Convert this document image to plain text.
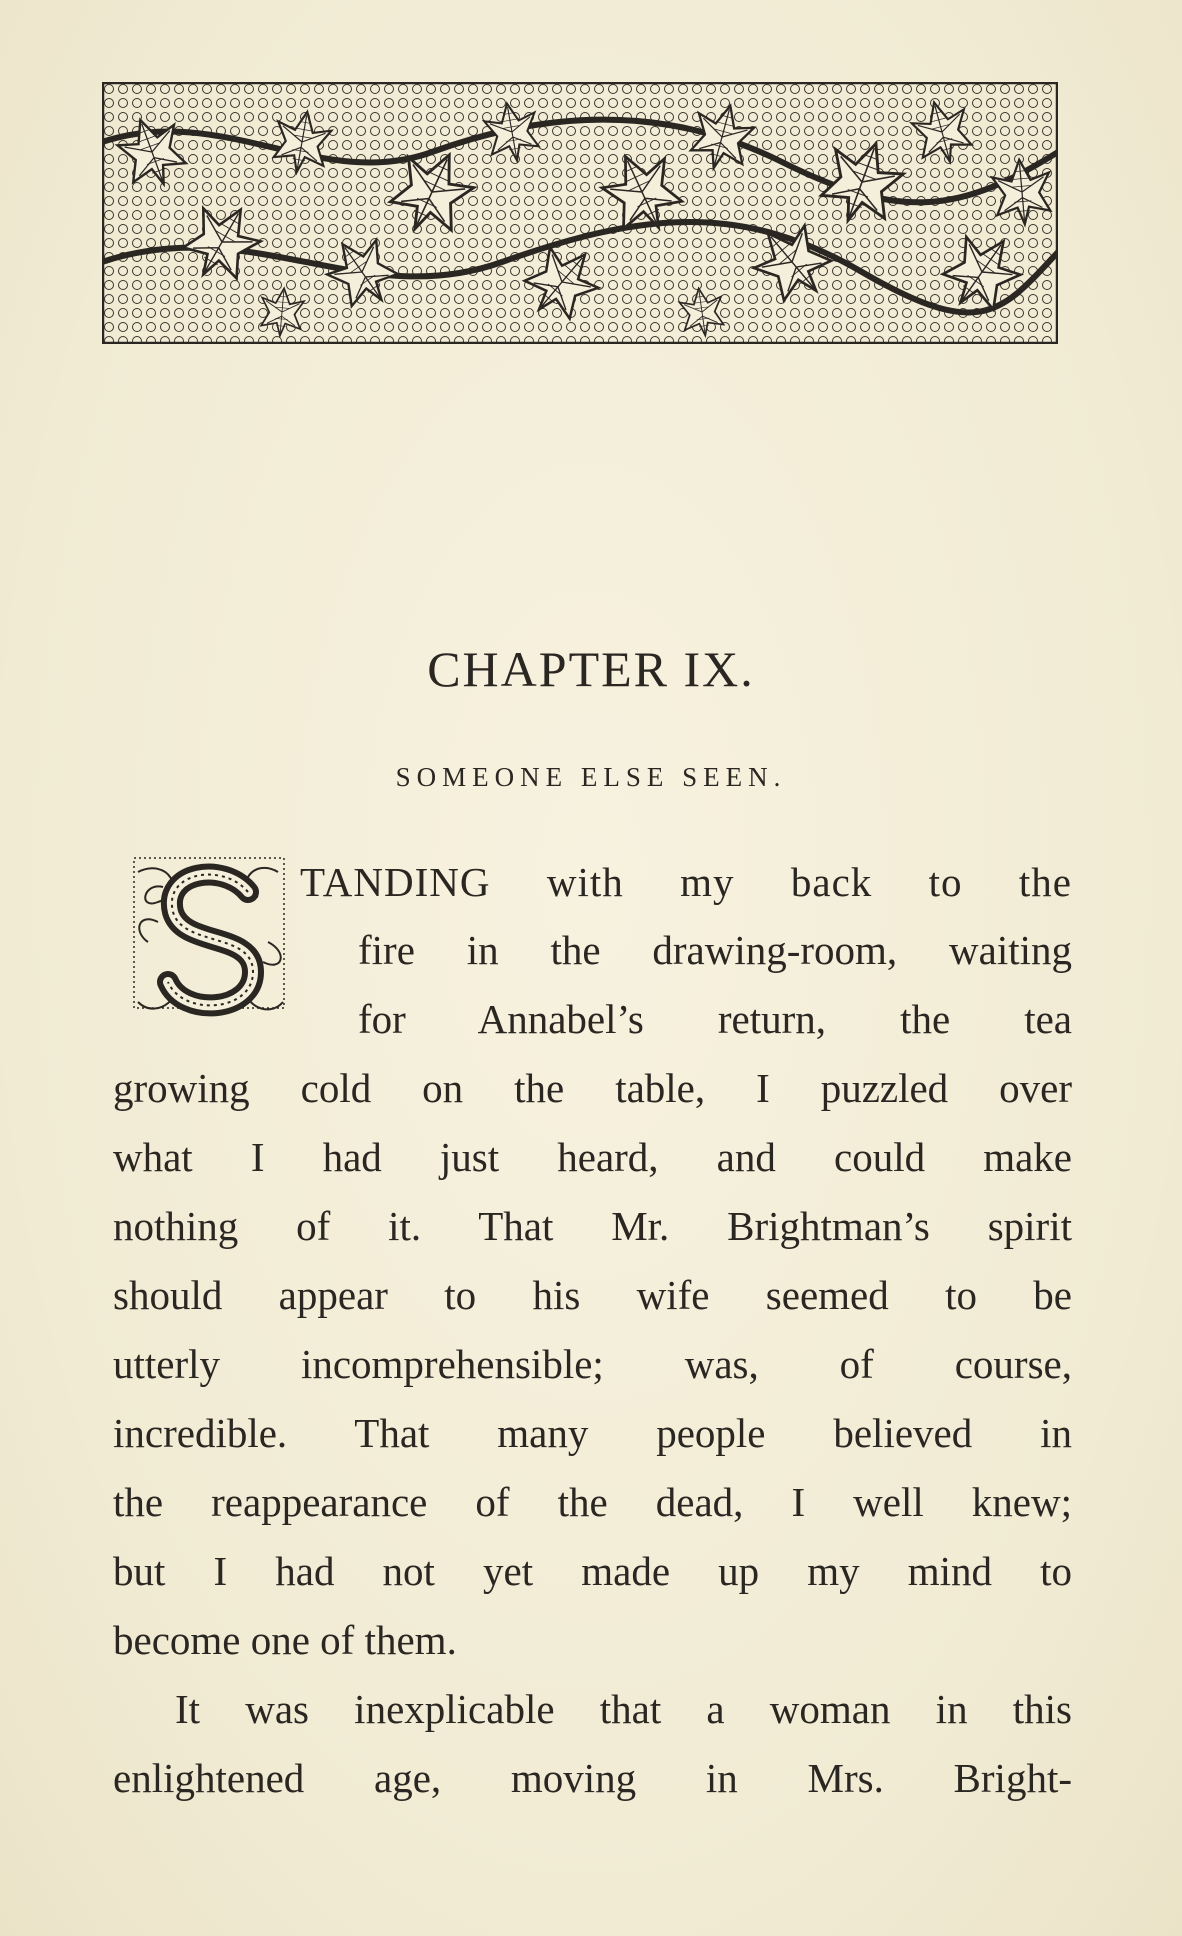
CHAPTER IX.
SOMEONE ELSE SEEN.

TANDING with my back to the

fire in the drawing-room, waiting

for Annabel’s return, the tea

growing cold on the table, I puzzled over

what I had just heard, and could make

nothing of it. That Mr. Brightman’s spirit

should appear to his wife seemed to be

utterly incomprehensible; was, of course,

incredible. That many people believed in

the reappearance of the dead, I well knew;

but I had not yet made up my mind to

become one of them.

It was inexplicable that a woman in this

enlightened age, moving in Mrs. Bright-
